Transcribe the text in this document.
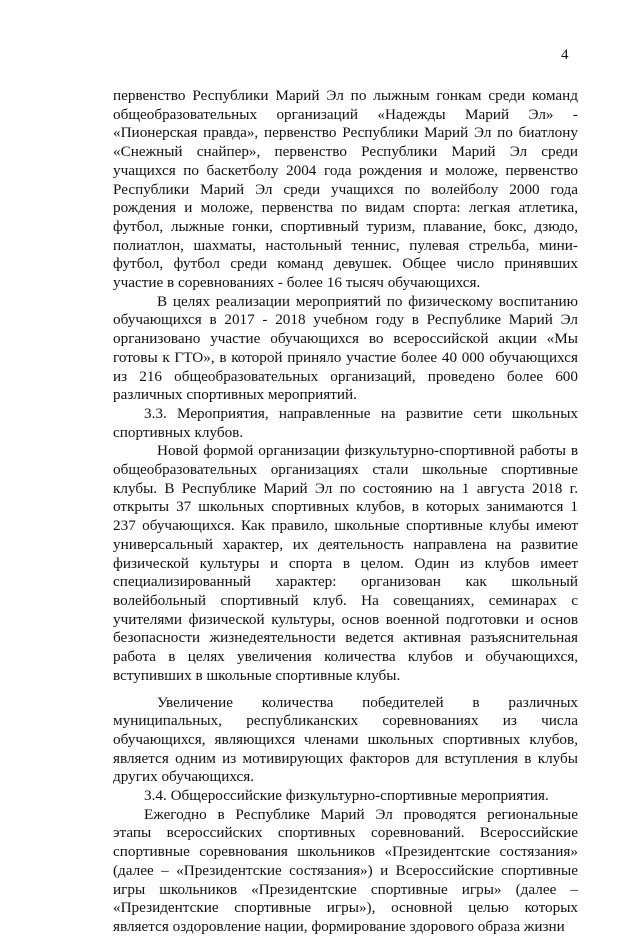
4

первенство Республики Марий Эл по лыжным гонкам среди команд общеобразовательных организаций «Надежды Марий Эл» - «Пионерская правда», первенство Республики Марий Эл по биатлону «Снежный снайпер», первенство Республики Марий Эл среди учащихся по баскетболу 2004 года рождения и моложе, первенство Республики Марий Эл среди учащихся по волейболу 2000 года рождения и моложе, первенства по видам спорта: легкая атлетика, футбол, лыжные гонки, спортивный туризм, плавание, бокс, дзюдо, полиатлон, шахматы, настольный теннис, пулевая стрельба, мини-футбол, футбол среди команд девушек. Общее число принявших участие в соревнованиях - более 16 тысяч обучающихся.

В целях реализации мероприятий по физическому воспитанию обучающихся в 2017 - 2018 учебном году в Республике Марий Эл организовано участие обучающихся во всероссийской акции «Мы готовы к ГТО», в которой приняло участие более 40 000 обучающихся из 216 общеобразовательных организаций, проведено более 600 различных спортивных мероприятий.

3.3. Мероприятия, направленные на развитие сети школьных спортивных клубов.

Новой формой организации физкультурно-спортивной работы в общеобразовательных организациях стали школьные спортивные клубы. В Республике Марий Эл по состоянию на 1 августа 2018 г. открыты 37 школьных спортивных клубов, в которых занимаются 1 237 обучающихся. Как правило, школьные спортивные клубы имеют универсальный характер, их деятельность направлена на развитие физической культуры и спорта в целом. Один из клубов имеет специализированный характер: организован как школьный волейбольный спортивный клуб. На совещаниях, семинарах с учителями физической культуры, основ военной подготовки и основ безопасности жизнедеятельности ведется активная разъяснительная работа в целях увеличения количества клубов и обучающихся, вступивших в школьные спортивные клубы.

Увеличение количества победителей в различных муниципальных, республиканских соревнованиях из числа обучающихся, являющихся членами школьных спортивных клубов, является одним из мотивирующих факторов для вступления в клубы других обучающихся.

3.4. Общероссийские физкультурно-спортивные мероприятия.

Ежегодно в Республике Марий Эл проводятся региональные этапы всероссийских спортивных соревнований. Всероссийские спортивные соревнования школьников «Президентские состязания» (далее – «Президентские состязания») и Всероссийские спортивные игры школьников «Президентские спортивные игры» (далее – «Президентские спортивные игры»), основной целью которых является оздоровление нации, формирование здорового образа жизни
